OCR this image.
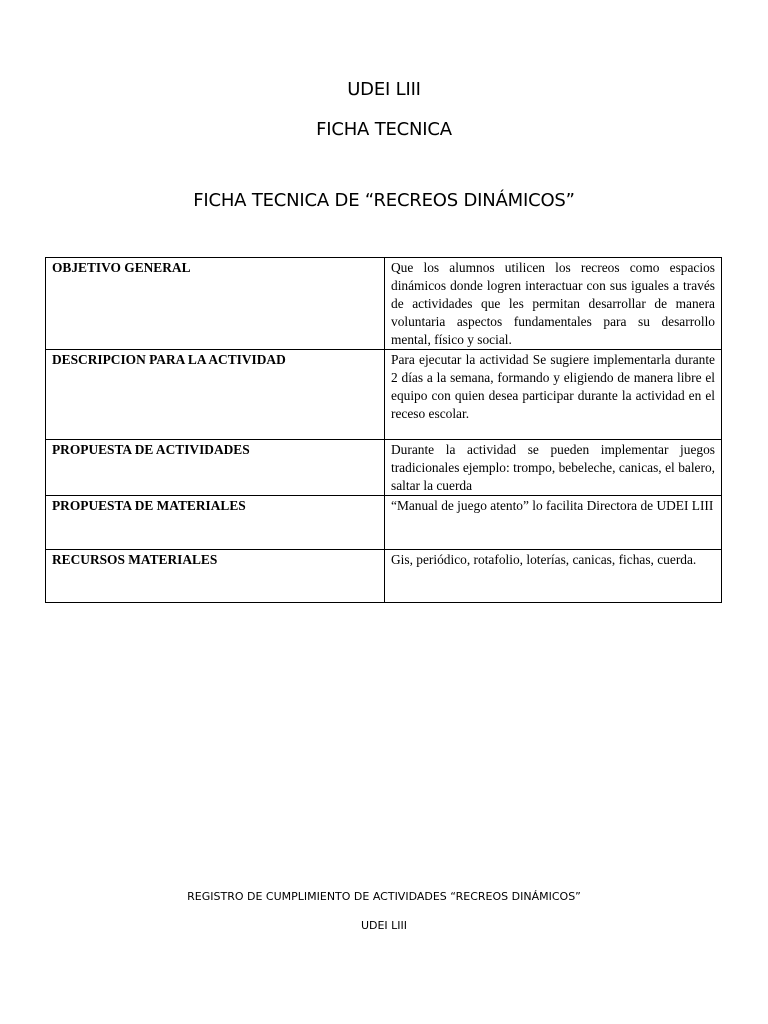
UDEI LIII
FICHA TECNICA
FICHA TECNICA DE “RECREOS DINÁMICOS”
OBJETIVO GENERAL	Que los alumnos utilicen los recreos como espacios dinámicos donde logren interactuar con sus iguales a través de actividades que les permitan desarrollar de manera voluntaria aspectos fundamentales para su desarrollo mental, físico y social.
DESCRIPCION PARA LA ACTIVIDAD	Para ejecutar la actividad Se sugiere implementarla durante 2 días a la semana, formando y eligiendo de manera libre el equipo con quien desea participar durante la actividad en el receso escolar.
PROPUESTA DE ACTIVIDADES	Durante la actividad se pueden implementar juegos tradicionales ejemplo: trompo, bebeleche, canicas, el balero, saltar la cuerda
PROPUESTA DE MATERIALES	“Manual de juego atento” lo facilita Directora de UDEI LIII
RECURSOS MATERIALES	Gis, periódico, rotafolio, loterías, canicas, fichas, cuerda.
REGISTRO DE CUMPLIMIENTO DE ACTIVIDADES “RECREOS DINÁMICOS”
UDEI LIII
